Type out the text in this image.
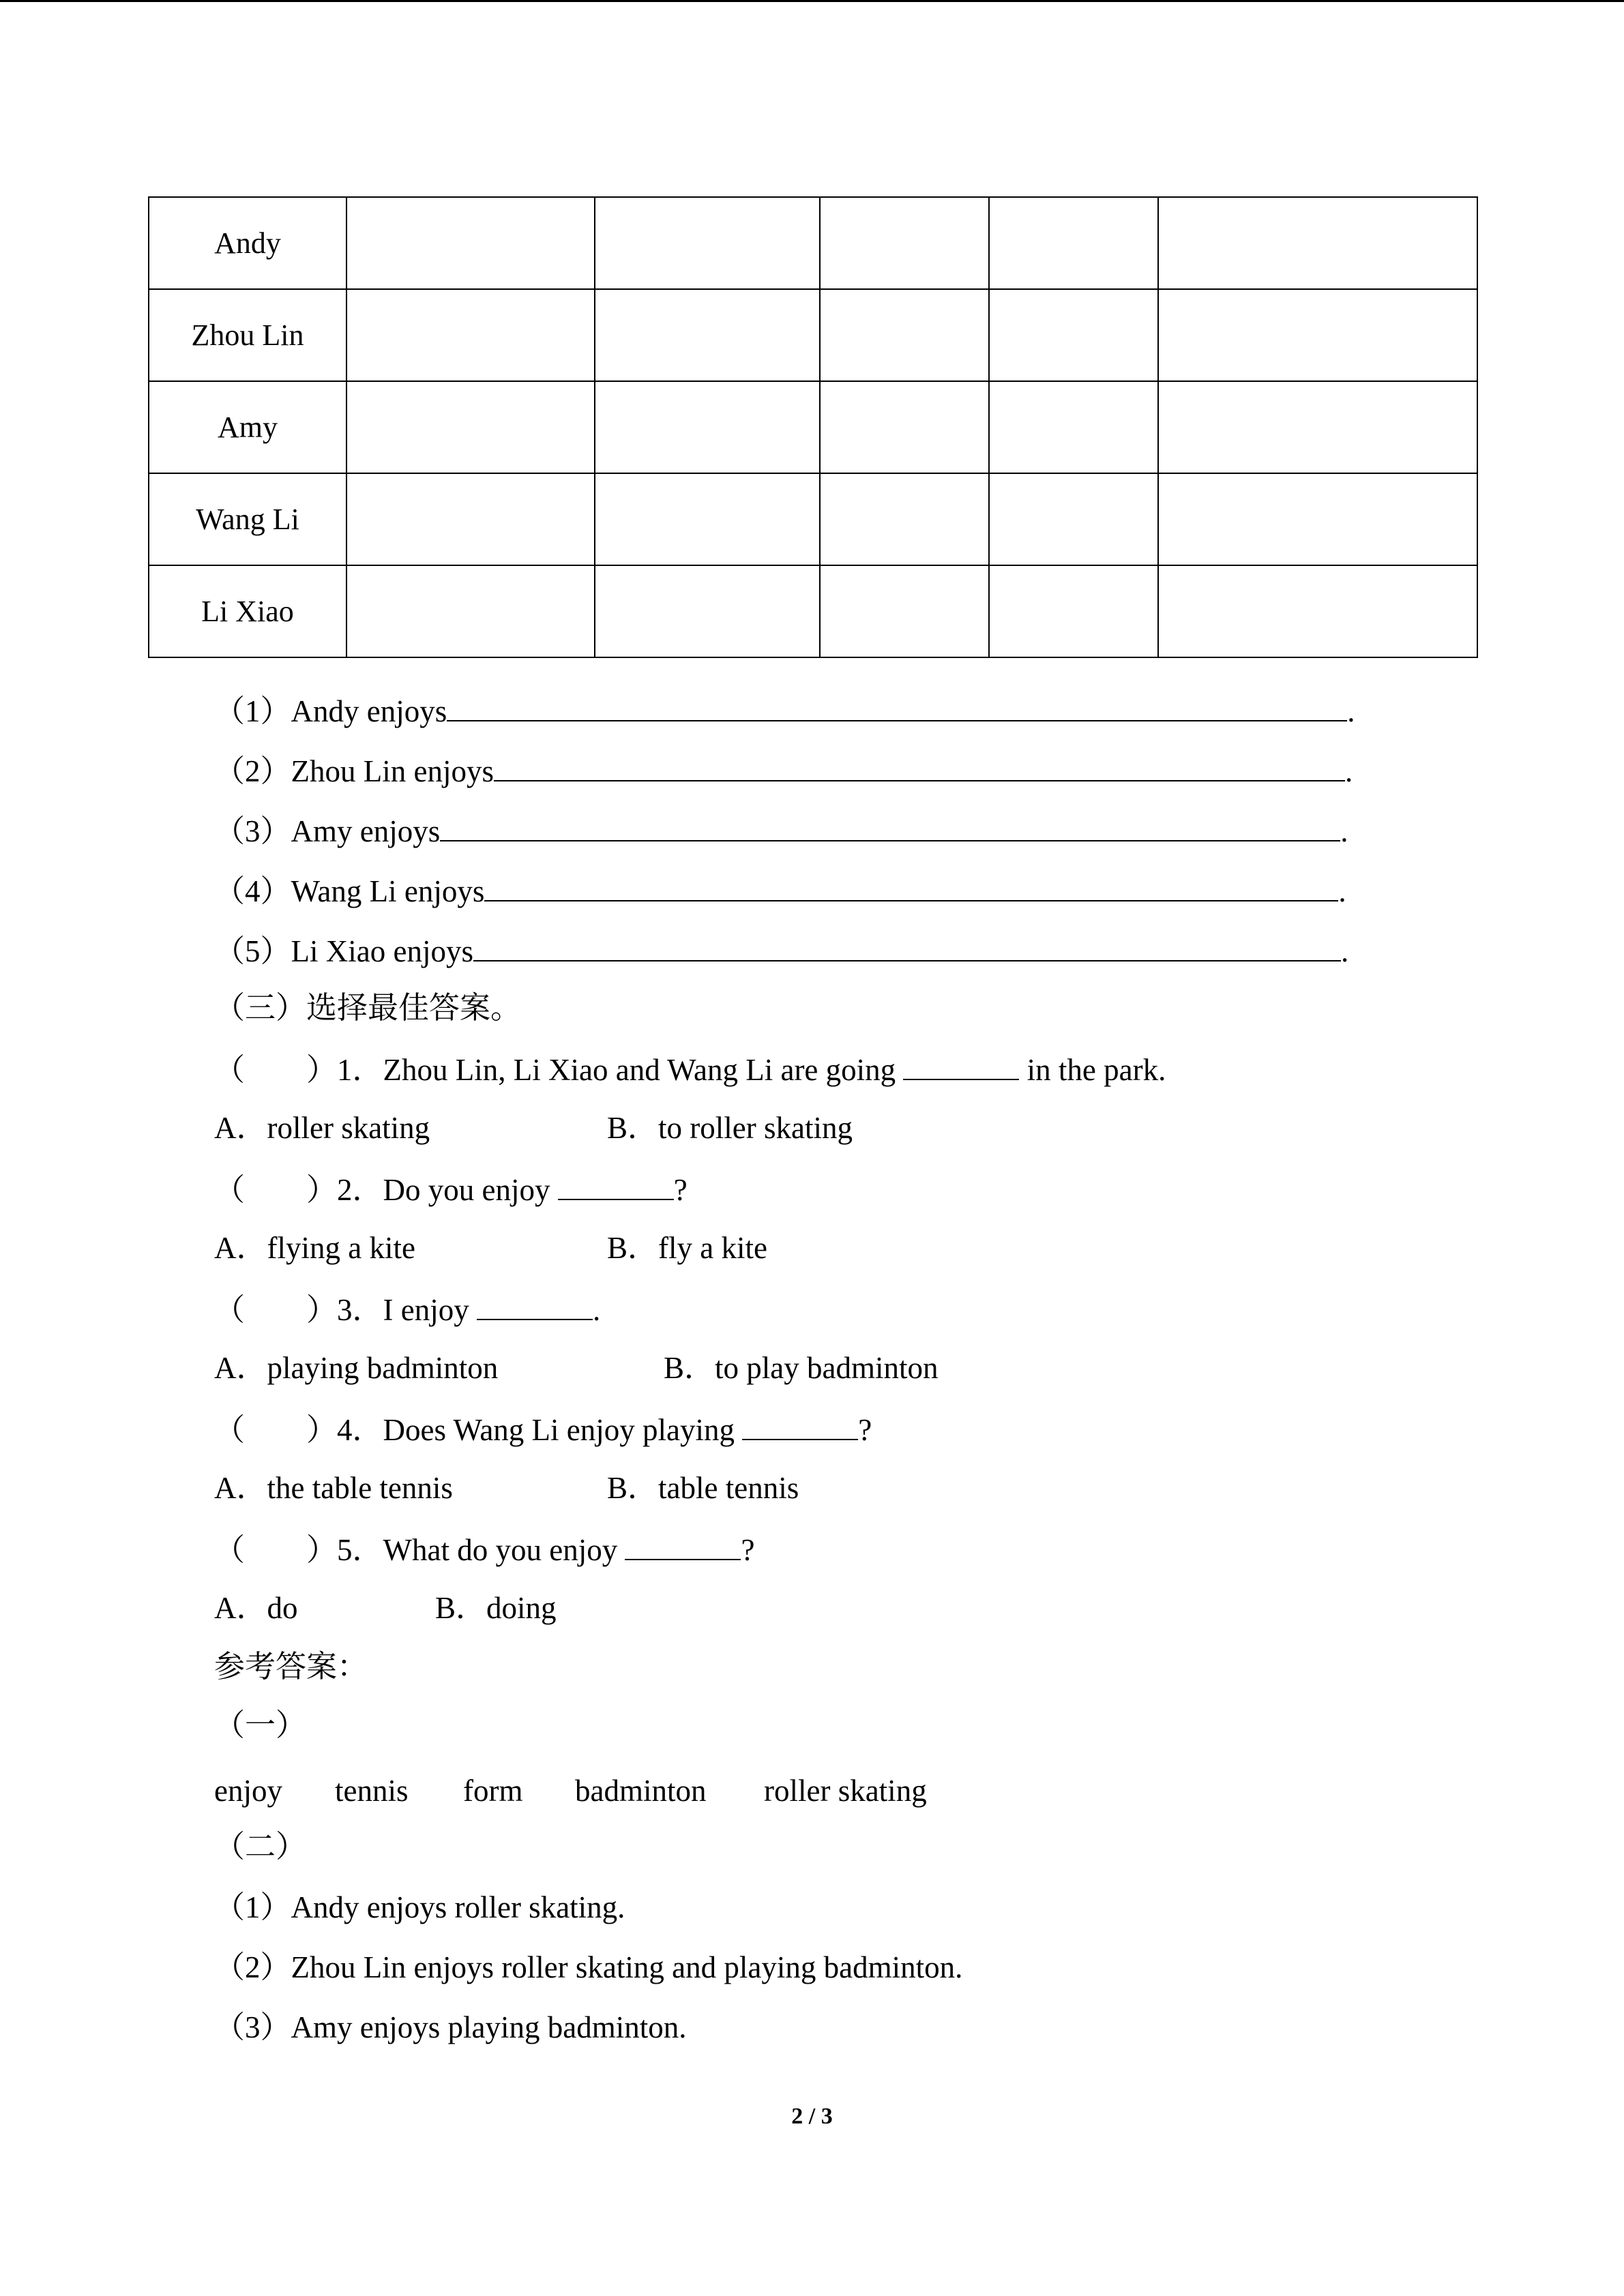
Andy					
Zhou Lin					
Amy					
Wang Li					
Li Xiao					
（1）Andy enjoys	.
（2）Zhou Lin enjoys	.
（3）Amy enjoys	.
（4）Wang Li enjoys	.
（5）Li Xiao enjoys	.
（三）选择最佳答案。
（　　）1．Zhou Lin, Li Xiao and Wang Li are going	in the park.
A．roller skating	B．to roller skating
（　　）2．Do you enjoy	?
A．flying a kite	B．fly a kite
（　　）3．I enjoy	.
A．playing badminton	B．to play badminton
（　　）4．Does Wang Li enjoy playing	?
A．the table tennis	B．table tennis
（　　）5．What do you enjoy	?
A．do	B．doing
参考答案：
（一）
enjoy tennis form badminton roller skating
（二）
（1）Andy enjoys roller skating.
（2）Zhou Lin enjoys roller skating and playing badminton.
（3）Amy enjoys playing badminton.
2 / 3
